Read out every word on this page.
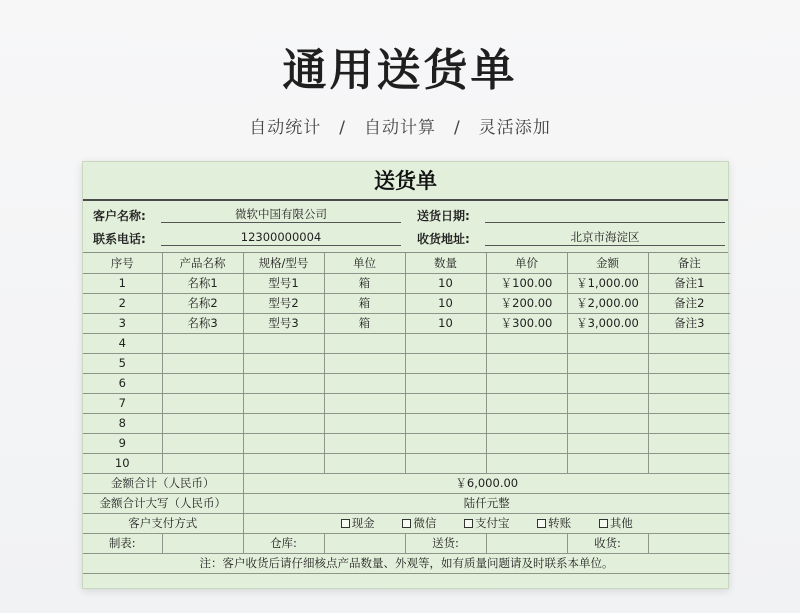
通用送货单
自动统计 / 自动计算 / 灵活添加
送货单
客户名称:	微软中国有限公司	送货日期:
联系电话:	12300000004	收货地址:	北京市海淀区
序号	产品名称	规格/型号	单位	数量	单价	金额	备注
1	名称1	型号1	箱	10	￥100.00	￥1,000.00	备注1
2	名称2	型号2	箱	10	￥200.00	￥2,000.00	备注2
3	名称3	型号3	箱	10	￥300.00	￥3,000.00	备注3
4							
5							
6							
7							
8							
9							
10							
金额合计（人民币）		￥6,000.00					
金额合计大写（人民币）		陆仟元整					
客户支付方式		现金 微信 支付宝 转账 其他					
制表:		仓库:		送货:		收货:	
注：客户收货后请仔细核点产品数量、外观等，如有质量问题请及时联系本单位。							
